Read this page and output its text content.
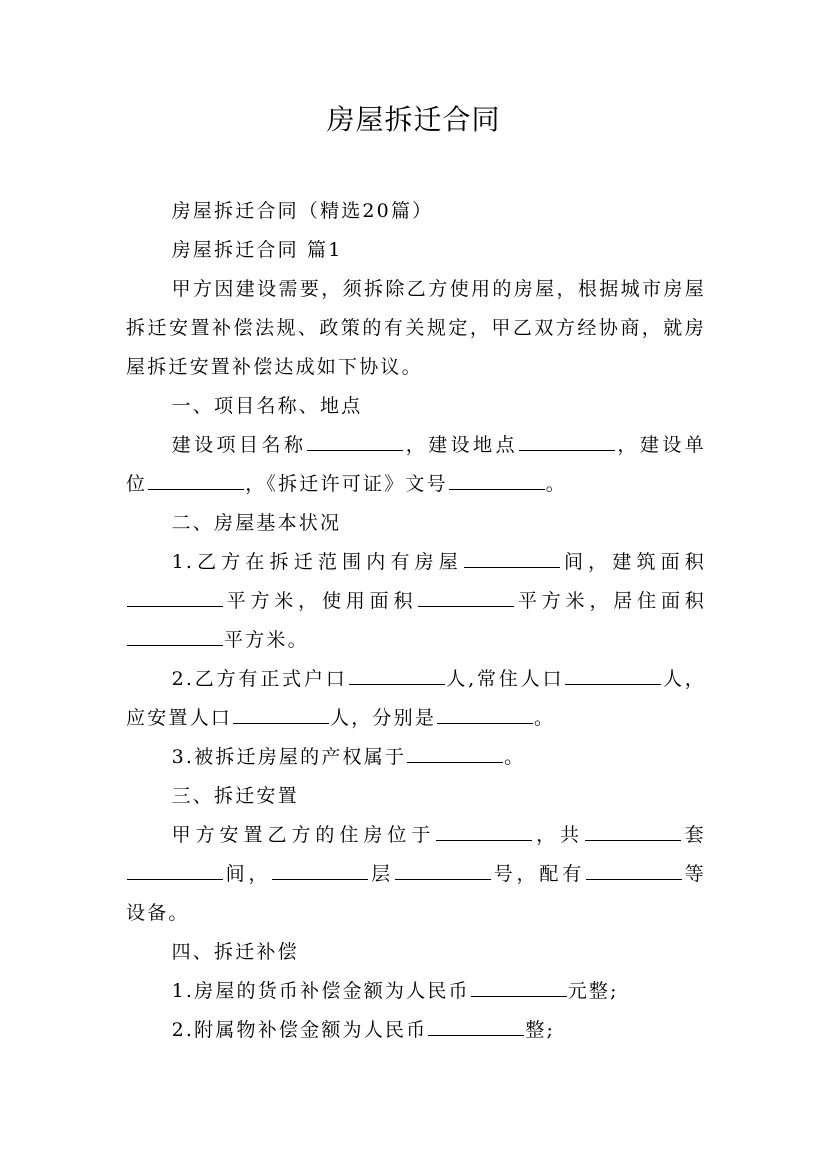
房屋拆迁合同

房屋拆迁合同（精选20篇）

房屋拆迁合同 篇1

甲方因建设需要，须拆除乙方使用的房屋，根据城市房屋拆迁安置补偿法规、政策的有关规定，甲乙双方经协商，就房屋拆迁安置补偿达成如下协议。

一、项目名称、地点

建设项目名称	，建设地点	，建设单位	，《拆迁许可证》文号	。

二、房屋基本状况

1.乙方在拆迁范围内有房屋	间，建筑面积平方米，使用面积	平方米，居住面积平方米。

2.乙方有正式户口	人,常住人口	人，应安置人口	人，分别是	。

3.被拆迁房屋的产权属于	。

三、拆迁安置

甲方安置乙方的住房位于	，共	套间，	层	号，配有	等设备。

四、拆迁补偿

1.房屋的货币补偿金额为人民币	元整;

2.附属物补偿金额为人民币	整;
